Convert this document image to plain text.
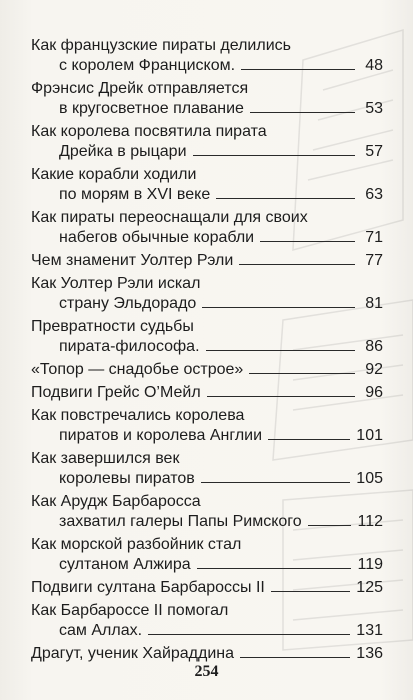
Как французские пираты делились
с королем Франциском.	48
Фрэнсис Дрейк отправляется
в кругосветное плавание	53
Как королева посвятила пирата
Дрейка в рыцари	57
Какие корабли ходили
по морям в XVI веке	63
Как пираты переоснащали для своих
набегов обычные корабли	71
Чем знаменит Уолтер Рэли	77
Как Уолтер Рэли искал
страну Эльдорадо	81
Превратности судьбы
пирата-философа.	86
«Топор — снадобье острое»	92
Подвиги Грейс О’Мейл	96
Как повстречались королева
пиратов и королева Англии	101
Как завершился век
королевы пиратов	105
Как Арудж Барбаросса
захватил галеры Папы Римского	112
Как морской разбойник стал
султаном Алжира	119
Подвиги султана Барбароссы II	125
Как Барбароссе II помогал
сам Аллах.	131
Драгут, ученик Хайраддина	136
254
